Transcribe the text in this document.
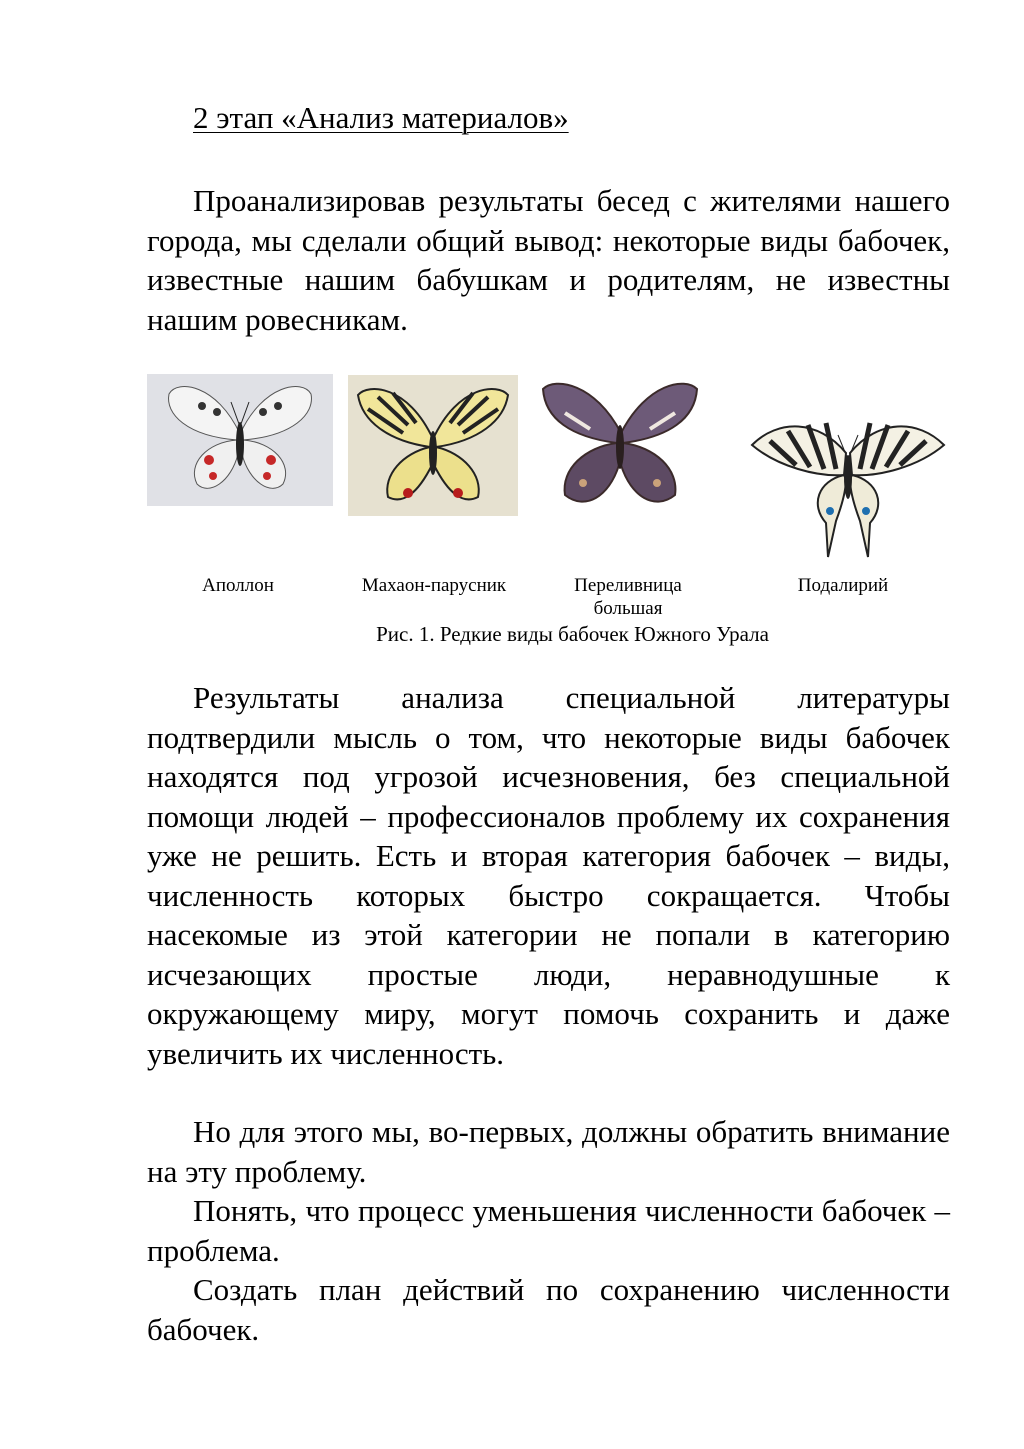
2 этап «Анализ материалов»

Проанализировав результаты бесед с жителями нашего города, мы сделали общий вывод: некоторые виды бабочек, известные нашим бабушкам и родителям, не известны нашим ровесникам.

Аполлон	Махаон-парусник	Переливница большая
Подалирий
Рис. 1. Редкие виды бабочек Южного Урала

Результаты анализа специальной литературы подтвердили мысль о том, что некоторые виды бабочек находятся под угрозой исчезновения, без специальной помощи людей – профессионалов проблему их сохранения уже не решить. Есть и вторая категория бабочек – виды, численность которых быстро сокращается. Чтобы насекомые из этой категории не попали в категорию исчезающих простые люди, неравнодушные к окружающему миру, могут помочь сохранить и даже увеличить их численность.

Но для этого мы, во-первых, должны обратить внимание на эту проблему.

Понять, что процесс уменьшения численности бабочек – проблема.

Создать план действий по сохранению численности бабочек.
